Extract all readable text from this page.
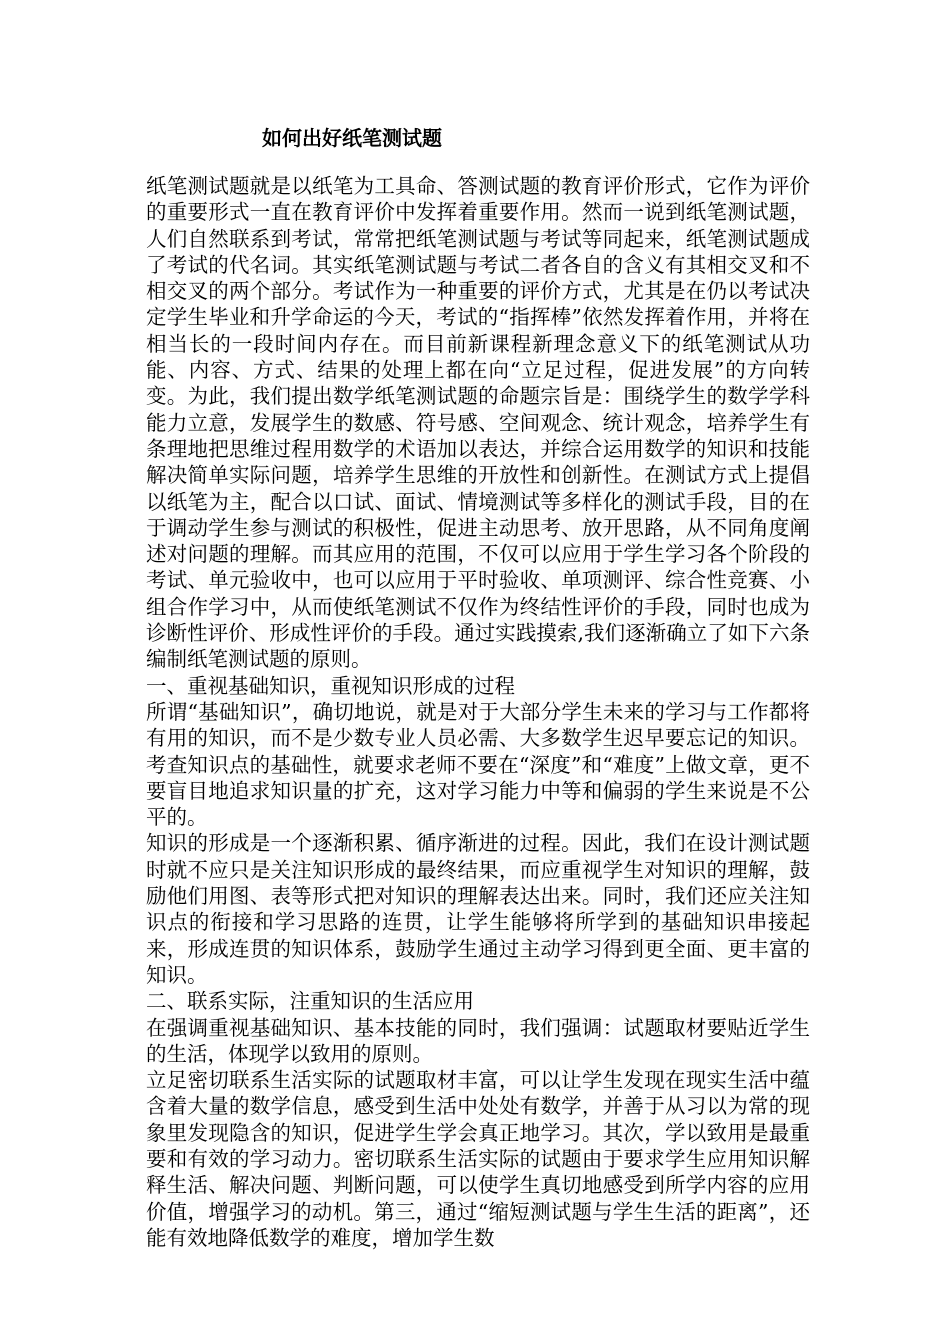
如何出好纸笔测试题

纸笔测试题就是以纸笔为工具命、答测试题的教育评价形式，它作为评价的重要形式一直在教育评价中发挥着重要作用。然而一说到纸笔测试题，人们自然联系到考试，常常把纸笔测试题与考试等同起来，纸笔测试题成了考试的代名词。其实纸笔测试题与考试二者各自的含义有其相交叉和不相交叉的两个部分。考试作为一种重要的评价方式，尤其是在仍以考试决定学生毕业和升学命运的今天，考试的“指挥棒”依然发挥着作用，并将在相当长的一段时间内存在。而目前新课程新理念意义下的纸笔测试从功能、内容、方式、结果的处理上都在向“立足过程，促进发展”的方向转变。为此，我们提出数学纸笔测试题的命题宗旨是：围绕学生的数学学科能力立意，发展学生的数感、符号感、空间观念、统计观念，培养学生有条理地把思维过程用数学的术语加以表达，并综合运用数学的知识和技能解决简单实际问题，培养学生思维的开放性和创新性。在测试方式上提倡以纸笔为主，配合以口试、面试、情境测试等多样化的测试手段，目的在于调动学生参与测试的积极性，促进主动思考、放开思路，从不同角度阐述对问题的理解。而其应用的范围，不仅可以应用于学生学习各个阶段的考试、单元验收中，也可以应用于平时验收、单项测评、综合性竞赛、小组合作学习中，从而使纸笔测试不仅作为终结性评价的手段，同时也成为诊断性评价、形成性评价的手段。通过实践摸索,我们逐渐确立了如下六条编制纸笔测试题的原则。

一、重视基础知识，重视知识形成的过程

所谓“基础知识”，确切地说，就是对于大部分学生未来的学习与工作都将有用的知识，而不是少数专业人员必需、大多数学生迟早要忘记的知识。考查知识点的基础性，就要求老师不要在“深度”和“难度”上做文章，更不要盲目地追求知识量的扩充，这对学习能力中等和偏弱的学生来说是不公平的。

知识的形成是一个逐渐积累、循序渐进的过程。因此，我们在设计测试题时就不应只是关注知识形成的最终结果，而应重视学生对知识的理解，鼓励他们用图、表等形式把对知识的理解表达出来。同时，我们还应关注知识点的衔接和学习思路的连贯，让学生能够将所学到的基础知识串接起来，形成连贯的知识体系，鼓励学生通过主动学习得到更全面、更丰富的知识。

二、联系实际，注重知识的生活应用

在强调重视基础知识、基本技能的同时，我们强调：试题取材要贴近学生的生活，体现学以致用的原则。

立足密切联系生活实际的试题取材丰富，可以让学生发现在现实生活中蕴含着大量的数学信息，感受到生活中处处有数学，并善于从习以为常的现象里发现隐含的知识，促进学生学会真正地学习。其次，学以致用是最重要和有效的学习动力。密切联系生活实际的试题由于要求学生应用知识解释生活、解决问题、判断问题，可以使学生真切地感受到所学内容的应用价值，增强学习的动机。第三，通过“缩短测试题与学生生活的距离”，还能有效地降低数学的难度，增加学生数
